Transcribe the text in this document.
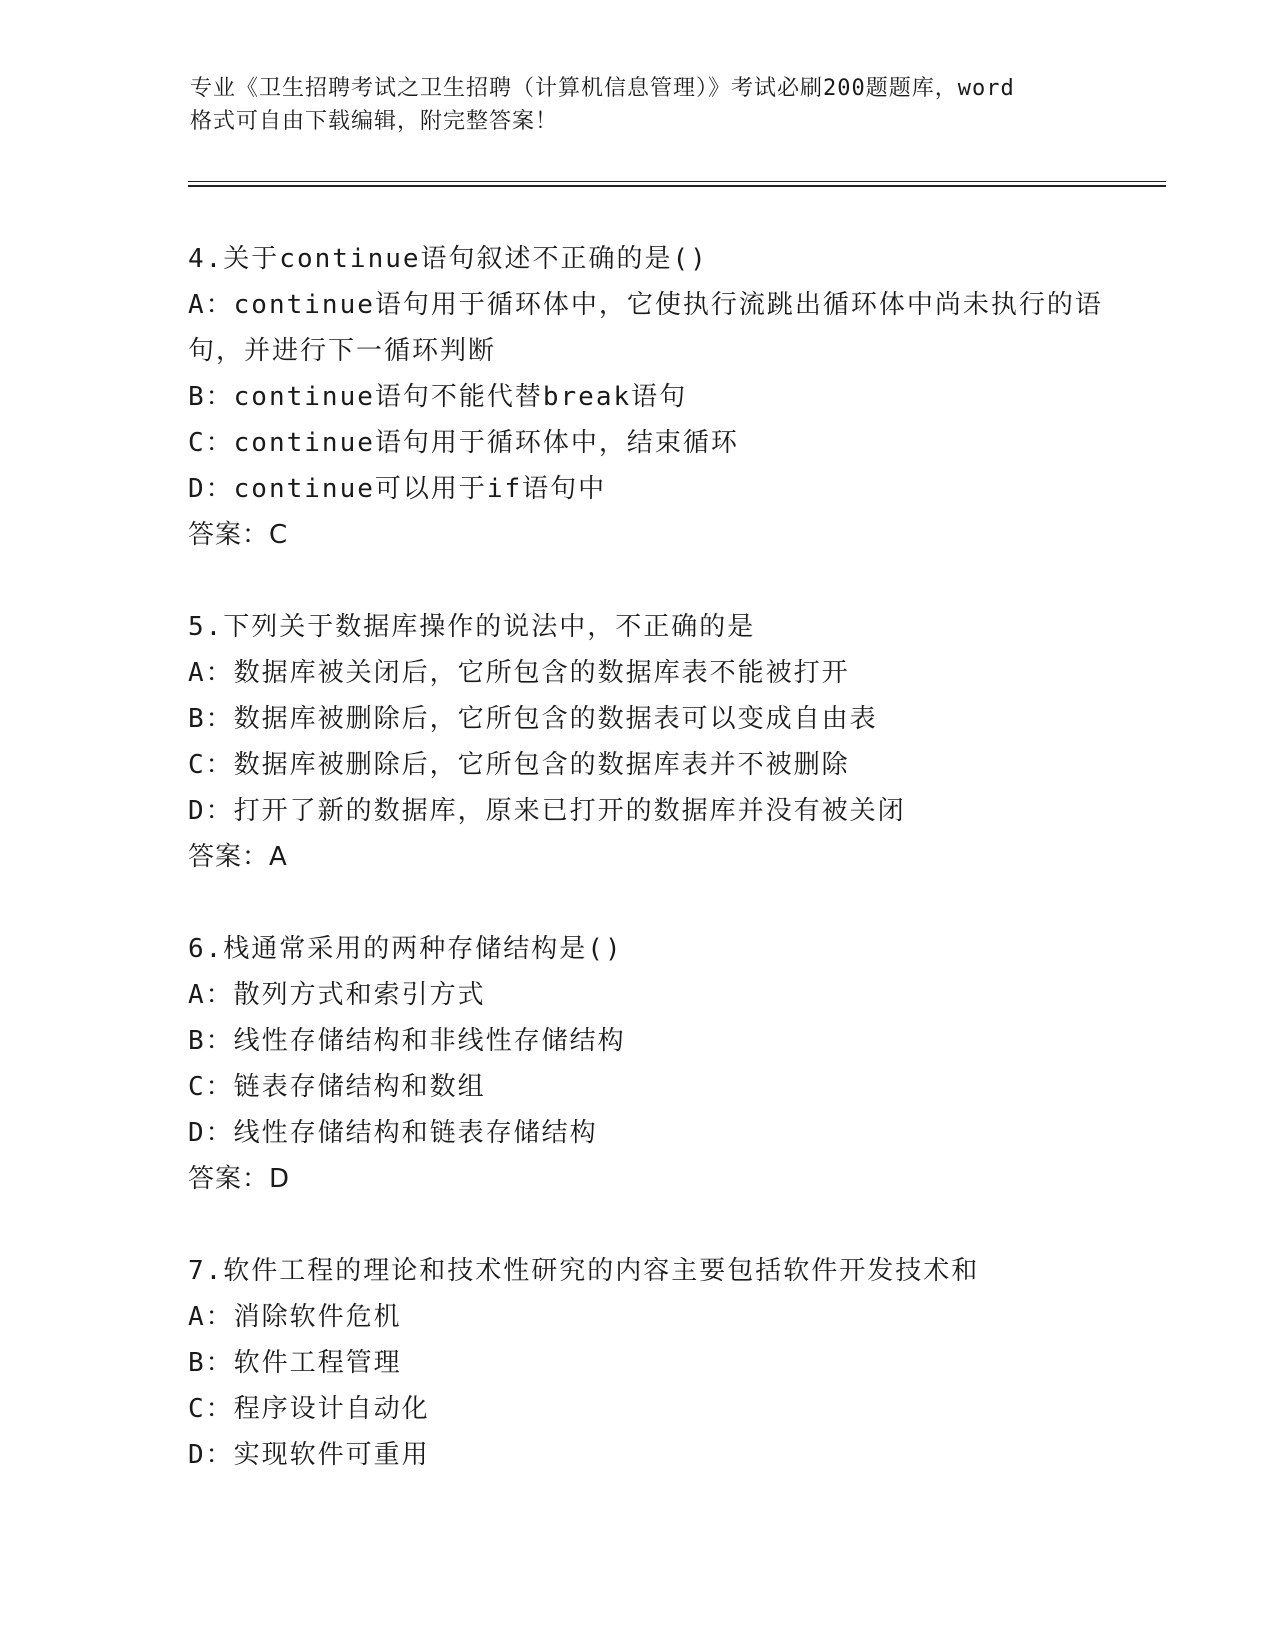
专业《卫生招聘考试之卫生招聘（计算机信息管理）》考试必刷200题题库，word
格式可自由下载编辑，附完整答案！
4.关于continue语句叙述不正确的是()
A：continue语句用于循环体中，它使执行流跳出循环体中尚未执行的语句，并进行下一循环判断
B：continue语句不能代替break语句
C：continue语句用于循环体中，结束循环
D：continue可以用于if语句中
答案：C
5.下列关于数据库操作的说法中，不正确的是
A：数据库被关闭后，它所包含的数据库表不能被打开
B：数据库被删除后，它所包含的数据表可以变成自由表
C：数据库被删除后，它所包含的数据库表并不被删除
D：打开了新的数据库，原来已打开的数据库并没有被关闭
答案：A
6.栈通常采用的两种存储结构是()
A：散列方式和索引方式
B：线性存储结构和非线性存储结构
C：链表存储结构和数组
D：线性存储结构和链表存储结构
答案：D
7.软件工程的理论和技术性研究的内容主要包括软件开发技术和
A：消除软件危机
B：软件工程管理
C：程序设计自动化
D：实现软件可重用
